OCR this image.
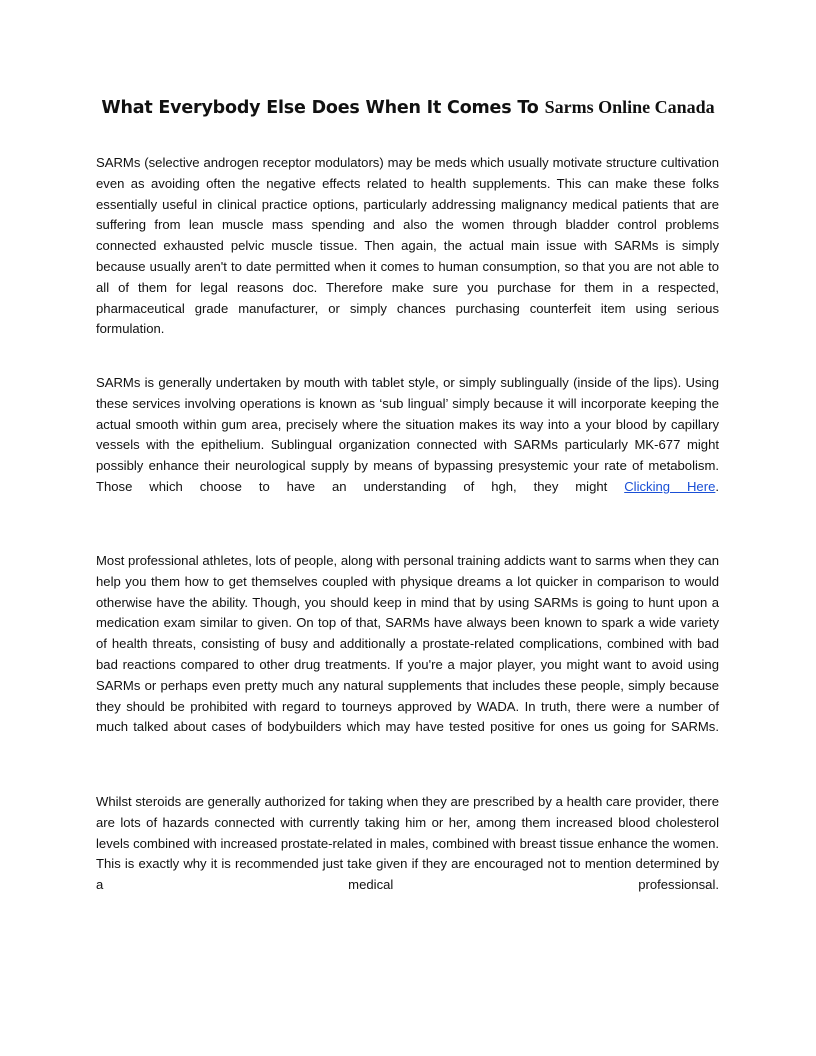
What Everybody Else Does When It Comes To Sarms Online Canada

SARMs (selective androgen receptor modulators) may be meds which usually motivate structure cultivation even as avoiding often the negative effects related to health supplements. This can make these folks essentially useful in clinical practice options, particularly addressing malignancy medical patients that are suffering from lean muscle mass spending and also the women through bladder control problems connected exhausted pelvic muscle tissue. Then again, the actual main issue with SARMs is simply because usually aren't to date permitted when it comes to human consumption, so that you are not able to all of them for legal reasons doc. Therefore make sure you purchase for them in a respected, pharmaceutical grade manufacturer, or simply chances purchasing counterfeit item using serious formulation.

SARMs is generally undertaken by mouth with tablet style, or simply sublingually (inside of the lips). Using these services involving operations is known as ‘sub lingual’ simply because it will incorporate keeping the actual smooth within gum area, precisely where the situation makes its way into a your blood by capillary vessels with the epithelium. Sublingual organization connected with SARMs particularly MK-677 might possibly enhance their neurological supply by means of bypassing presystemic your rate of metabolism. Those which choose to have an understanding of hgh, they might Clicking Here.

Most professional athletes, lots of people, along with personal training addicts want to sarms when they can help you them how to get themselves coupled with physique dreams a lot quicker in comparison to would otherwise have the ability. Though, you should keep in mind that by using SARMs is going to hunt upon a medication exam similar to given. On top of that, SARMs have always been known to spark a wide variety of health threats, consisting of busy and additionally a prostate-related complications, combined with bad bad reactions compared to other drug treatments. If you're a major player, you might want to avoid using SARMs or perhaps even pretty much any natural supplements that includes these people, simply because they should be prohibited with regard to tourneys approved by WADA. In truth, there were a number of much talked about cases of bodybuilders which may have tested positive for ones us going for SARMs.

Whilst steroids are generally authorized for taking when they are prescribed by a health care provider, there are lots of hazards connected with currently taking him or her, among them increased blood cholesterol levels combined with increased prostate-related in males, combined with breast tissue enhance the women. This is exactly why it is recommended just take given if they are encouraged not to mention determined by a medical professionsal.
